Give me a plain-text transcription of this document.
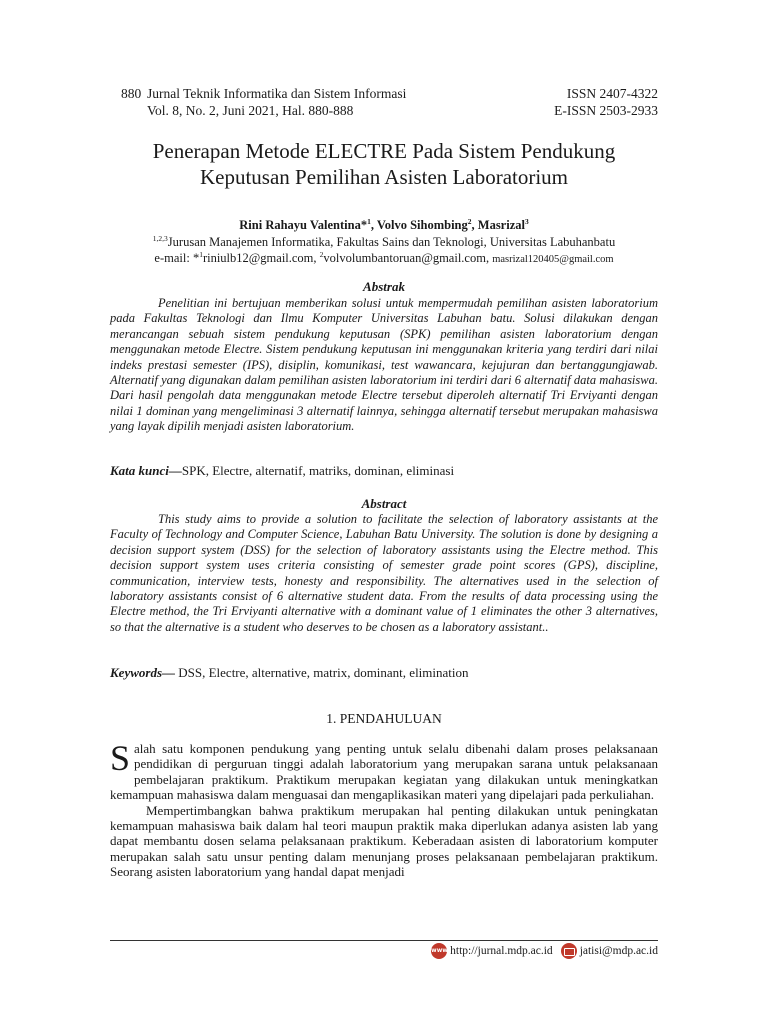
880 Jurnal Teknik Informatika dan Sistem Informasi
Vol. 8, No. 2, Juni 2021, Hal. 880-888
ISSN 2407-4322
E-ISSN 2503-2933
Penerapan Metode ELECTRE Pada Sistem Pendukung
Keputusan Pemilihan Asisten Laboratorium
Rini Rahayu Valentina*$^1$, Volvo Sihombing$^2$, Masrizal$^3$
$^{1,2,3}$Jurusan Manajemen Informatika, Fakultas Sains dan Teknologi, Universitas Labuhanbatu
e-mail: *$^1$riniulb12@gmail.com, $^2$volvolumbantoruan@gmail.com, masrizal120405@gmail.com
Abstrak

Penelitian ini bertujuan memberikan solusi untuk mempermudah pemilihan asisten laboratorium pada Fakultas Teknologi dan Ilmu Komputer Universitas Labuhan batu. Solusi dilakukan dengan merancangan sebuah sistem pendukung keputusan (SPK) pemilihan asisten laboratorium dengan menggunakan metode Electre. Sistem pendukung keputusan ini menggunakan kriteria yang terdiri dari nilai indeks prestasi semester (IPS), disiplin, komunikasi, test wawancara, kejujuran dan bertanggungjawab. Alternatif yang digunakan dalam pemilihan asisten laboratorium ini terdiri dari 6 alternatif data mahasiswa. Dari hasil pengolah data menggunakan metode Electre tersebut diperoleh alternatif Tri Erviyanti dengan nilai 1 dominan yang mengeliminasi 3 alternatif lainnya, sehingga alternatif tersebut merupakan mahasiswa yang layak dipilih menjadi asisten laboratorium.

Kata kunci—SPK, Electre, alternatif, matriks, dominan, eliminasi
Abstract

This study aims to provide a solution to facilitate the selection of laboratory assistants at the Faculty of Technology and Computer Science, Labuhan Batu University. The solution is done by designing a decision support system (DSS) for the selection of laboratory assistants using the Electre method. This decision support system uses criteria consisting of semester grade point scores (GPS), discipline, communication, interview tests, honesty and responsibility. The alternatives used in the selection of laboratory assistants consist of 6 alternative student data. From the results of data processing using the Electre method, the Tri Erviyanti alternative with a dominant value of 1 eliminates the other 3 alternatives, so that the alternative is a student who deserves to be chosen as a laboratory assistant..

Keywords— DSS, Electre, alternative, matrix, dominant, elimination
1. PENDAHULUAN

Salah satu komponen pendukung yang penting untuk selalu dibenahi dalam proses pelaksanaan pendidikan di perguruan tinggi adalah laboratorium yang merupakan sarana untuk pelaksanaan pembelajaran praktikum. Praktikum merupakan kegiatan yang dilakukan untuk meningkatkan kemampuan mahasiswa dalam menguasai dan mengaplikasikan materi yang dipelajari pada perkuliahan.

Mempertimbangkan bahwa praktikum merupakan hal penting dilakukan untuk peningkatan kemampuan mahasiswa baik dalam hal teori maupun praktik maka diperlukan adanya asisten lab yang dapat membantu dosen selama pelaksanaan praktikum. Keberadaan asisten di laboratorium komputer merupakan salah satu unsur penting dalam menunjang proses pelaksanaan pembelajaran praktikum. Seorang asisten laboratorium yang handal dapat menjadi

www
http://jurnal.mdp.ac.id jatisi@mdp.ac.id
